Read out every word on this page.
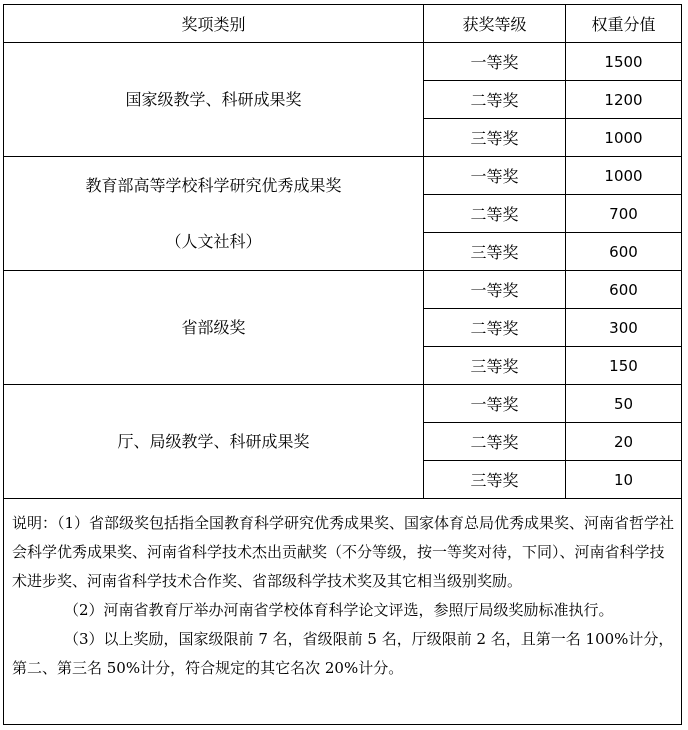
奖项类别	获奖等级	权重分值
国家级教学、科研成果奖	一等奖	1500
	二等奖	1200
	三等奖	1000
教育部高等学校科学研究优秀成果奖
（人文社科）	一等奖	1000
	二等奖	700
	三等奖	600
省部级奖	一等奖	600
	二等奖	300
	三等奖	150
厅、局级教学、科研成果奖	一等奖	50
	二等奖	20
	三等奖	10

说明：（1）省部级奖包括指全国教育科学研究优秀成果奖、国家体育总局优秀成果奖、河南省哲学社会科学优秀成果奖、河南省科学技术杰出贡献奖（不分等级，按一等奖对待，下同）、河南省科学技术进步奖、河南省科学技术合作奖、省部级科学技术奖及其它相当级别奖励。
（2）河南省教育厅举办河南省学校体育科学论文评选，参照厅局级奖励标准执行。
（3）以上奖励，国家级限前 7 名，省级限前 5 名，厅级限前 2 名，且第一名 100%计分，
第二、第三名 50%计分，符合规定的其它名次 20%计分。		
